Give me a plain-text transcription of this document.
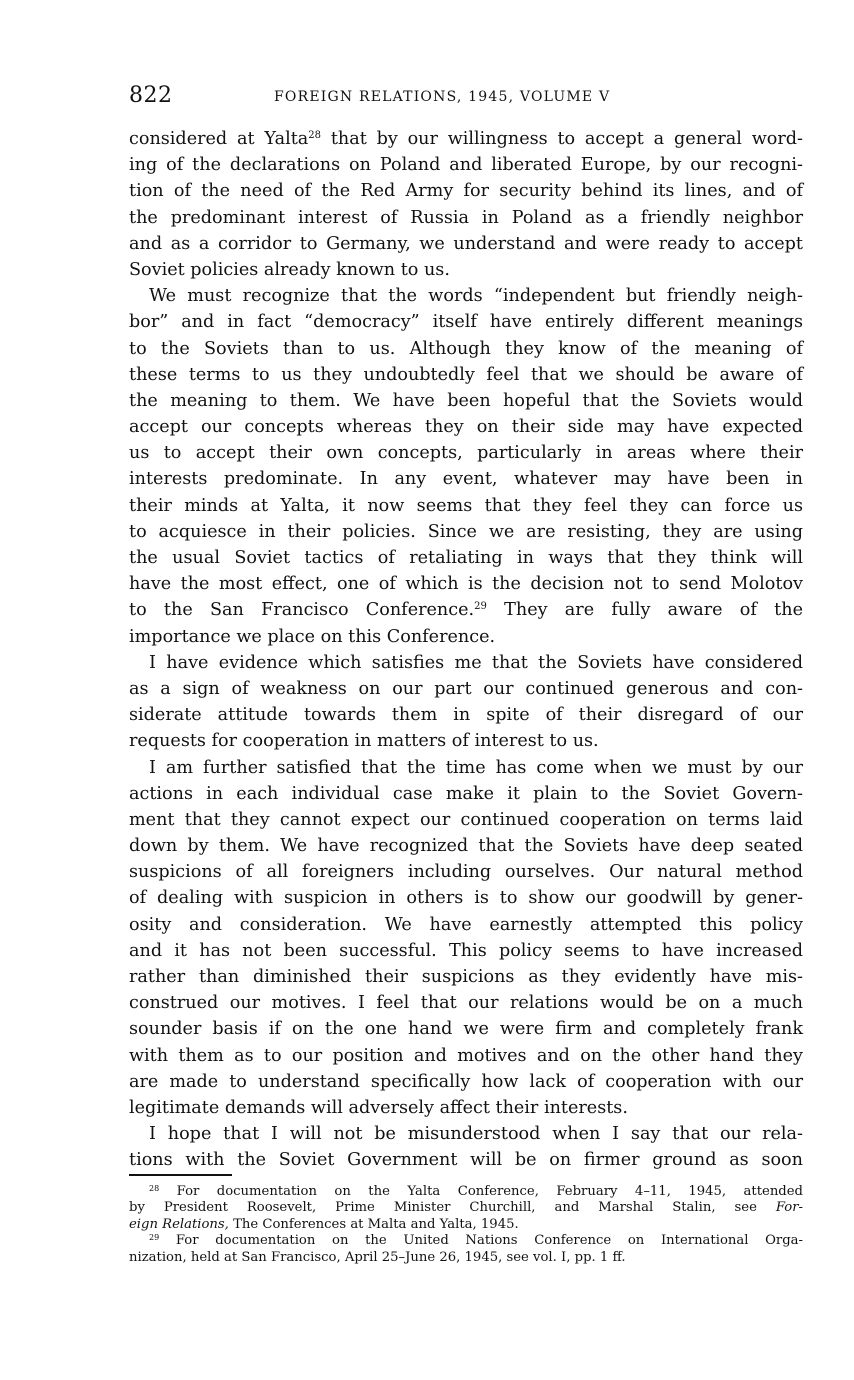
822	FOREIGN RELATIONS, 1945, VOLUME V
considered at Yalta$^{28}$ that by our willingness to accept a general word-
ing of the declarations on Poland and liberated Europe, by our recogni-
tion of the need of the Red Army for security behind its lines, and of
the predominant interest of Russia in Poland as a friendly neighbor
and as a corridor to Germany, we understand and were ready to accept
Soviet policies already known to us.
We must recognize that the words “independent but friendly neigh-
bor” and in fact “democracy” itself have entirely different meanings
to the Soviets than to us. Although they know of the meaning of
these terms to us they undoubtedly feel that we should be aware of
the meaning to them. We have been hopeful that the Soviets would
accept our concepts whereas they on their side may have expected
us to accept their own concepts, particularly in areas where their
interests predominate. In any event, whatever may have been in
their minds at Yalta, it now seems that they feel they can force us
to acquiesce in their policies. Since we are resisting, they are using
the usual Soviet tactics of retaliating in ways that they think will
have the most effect, one of which is the decision not to send Molotov
to the San Francisco Conference.$^{29}$ They are fully aware of the
importance we place on this Conference.
I have evidence which satisfies me that the Soviets have considered
as a sign of weakness on our part our continued generous and con-
siderate attitude towards them in spite of their disregard of our
requests for cooperation in matters of interest to us.
I am further satisfied that the time has come when we must by our
actions in each individual case make it plain to the Soviet Govern-
ment that they cannot expect our continued cooperation on terms laid
down by them. We have recognized that the Soviets have deep seated
suspicions of all foreigners including ourselves. Our natural method
of dealing with suspicion in others is to show our goodwill by gener-
osity and consideration. We have earnestly attempted this policy
and it has not been successful. This policy seems to have increased
rather than diminished their suspicions as they evidently have mis-
construed our motives. I feel that our relations would be on a much
sounder basis if on the one hand we were firm and completely frank
with them as to our position and motives and on the other hand they
are made to understand specifically how lack of cooperation with our
legitimate demands will adversely affect their interests.
I hope that I will not be misunderstood when I say that our rela-
tions with the Soviet Government will be on firmer ground as soon
$^{28}$ For documentation on the Yalta Conference, February 4–11, 1945, attended
by President Roosevelt, Prime Minister Churchill, and Marshal Stalin, see For-
eign Relations, The Conferences at Malta and Yalta, 1945.
$^{29}$ For documentation on the United Nations Conference on International Orga-
nization, held at San Francisco, April 25–June 26, 1945, see vol. I, pp. 1 ff.
